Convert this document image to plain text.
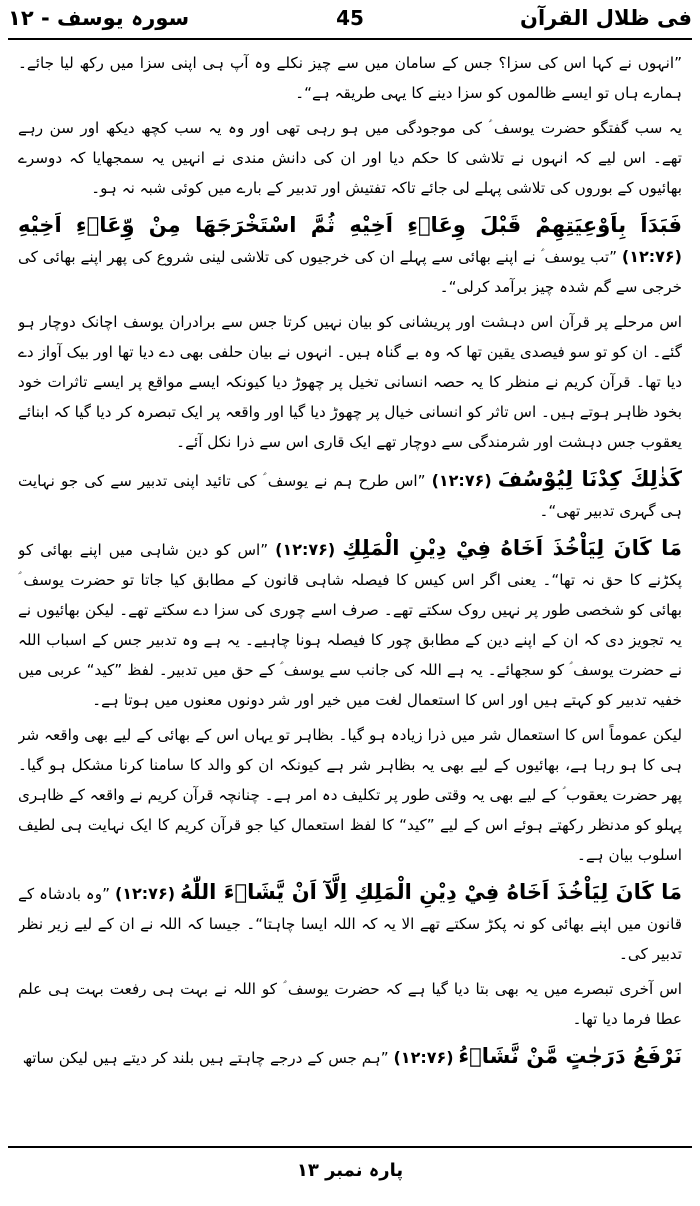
فی ظلال القرآن
45
سورہ یوسف - ۱۲

”انہوں نے کہا اس کی سزا؟ جس کے سامان میں سے چیز نکلے وہ آپ ہی اپنی سزا میں رکھ لیا جائے۔ ہمارے ہاں تو ایسے ظالموں کو سزا دینے کا یہی طریقہ ہے“۔

یہ سب گفتگو حضرت یوسف ؑ کی موجودگی میں ہو رہی تھی اور وہ یہ سب کچھ دیکھ اور سن رہے تھے۔ اس لیے کہ انہوں نے تلاشی کا حکم دیا اور ان کی دانش مندی نے انہیں یہ سمجھایا کہ دوسرے بھائیوں کے بوروں کی تلاشی پہلے لی جائے تاکہ تفتیش اور تدبیر کے بارے میں کوئی شبہ نہ ہو۔

فَبَدَاَ بِاَوْعِيَتِهِمْ قَبْلَ وِعَاۗءِ اَخِيْهِ ثُمَّ اسْتَخْرَجَهَا مِنْ وِّعَاۗءِ اَخِيْهِ (۱۲:۷۶) ”تب یوسف ؑ نے اپنے بھائی سے پہلے ان کی خرجیوں کی تلاشی لینی شروع کی پھر اپنے بھائی کی خرجی سے گم شدہ چیز برآمد کرلی“۔

اس مرحلے پر قرآن اس دہشت اور پریشانی کو بیان نہیں کرتا جس سے برادران یوسف اچانک دوچار ہو گئے۔ ان کو تو سو فیصدی یقین تھا کہ وہ بے گناہ ہیں۔ انہوں نے بیان حلفی بھی دے دیا تھا اور بیک آواز دے دیا تھا۔ قرآن کریم نے منظر کا یہ حصہ انسانی تخیل پر چھوڑ دیا کیونکہ ایسے مواقع پر ایسے تاثرات خود بخود ظاہر ہوتے ہیں۔ اس تاثر کو انسانی خیال پر چھوڑ دیا گیا اور واقعہ پر ایک تبصرہ کر دیا گیا کہ ابنائے یعقوب جس دہشت اور شرمندگی سے دوچار تھے ایک قاری اس سے ذرا نکل آئے۔

كَذٰلِكَ كِدْنَا لِيُوْسُفَ (۱۲:۷۶) ”اس طرح ہم نے یوسف ؑ کی تائید اپنی تدبیر سے کی جو نہایت ہی گہری تدبیر تھی“۔

مَا كَانَ لِيَاْخُذَ اَخَاهُ فِيْ دِيْنِ الْمَلِكِ (۱۲:۷۶) ”اس کو دین شاہی میں اپنے بھائی کو پکڑنے کا حق نہ تھا“۔ یعنی اگر اس کیس کا فیصلہ شاہی قانون کے مطابق کیا جاتا تو حضرت یوسف ؑ بھائی کو شخصی طور پر نہیں روک سکتے تھے۔ صرف اسے چوری کی سزا دے سکتے تھے۔ لیکن بھائیوں نے یہ تجویز دی کہ ان کے اپنے دین کے مطابق چور کا فیصلہ ہونا چاہیے۔ یہ ہے وہ تدبیر جس کے اسباب اللہ نے حضرت یوسف ؑ کو سجھائے۔ یہ ہے اللہ کی جانب سے یوسف ؑ کے حق میں تدبیر۔ لفظ ”کید“ عربی میں خفیہ تدبیر کو کہتے ہیں اور اس کا استعمال لغت میں خیر اور شر دونوں معنوں میں ہوتا ہے۔

لیکن عموماً اس کا استعمال شر میں ذرا زیادہ ہو گیا۔ بظاہر تو یہاں اس کے بھائی کے لیے بھی واقعہ شر ہی کا ہو رہا ہے، بھائیوں کے لیے بھی یہ بظاہر شر ہے کیونکہ ان کو والد کا سامنا کرنا مشکل ہو گیا۔ پھر حضرت یعقوب ؑ کے لیے بھی یہ وقتی طور پر تکلیف دہ امر ہے۔ چنانچہ قرآن کریم نے واقعہ کے ظاہری پہلو کو مدنظر رکھتے ہوئے اس کے لیے ”کید“ کا لفظ استعمال کیا جو قرآن کریم کا ایک نہایت ہی لطیف اسلوب بیان ہے۔

مَا كَانَ لِيَاْخُذَ اَخَاهُ فِيْ دِيْنِ الْمَلِكِ اِلَّآ اَنْ يَّشَاۗءَ اللّٰهُ (۱۲:۷۶) ”وہ بادشاہ کے قانون میں اپنے بھائی کو نہ پکڑ سکتے تھے الا یہ کہ اللہ ایسا چاہتا“۔ جیسا کہ اللہ نے ان کے لیے زیر نظر تدبیر کی۔

اس آخری تبصرے میں یہ بھی بتا دیا گیا ہے کہ حضرت یوسف ؑ کو اللہ نے بہت ہی رفعت بہت ہی علم عطا فرما دیا تھا۔

نَرْفَعُ دَرَجٰتٍ مَّنْ نَّشَاۗءُ (۱۲:۷۶) ”ہم جس کے درجے چاہتے ہیں بلند کر دیتے ہیں لیکن ساتھ

پارہ نمبر ۱۳
